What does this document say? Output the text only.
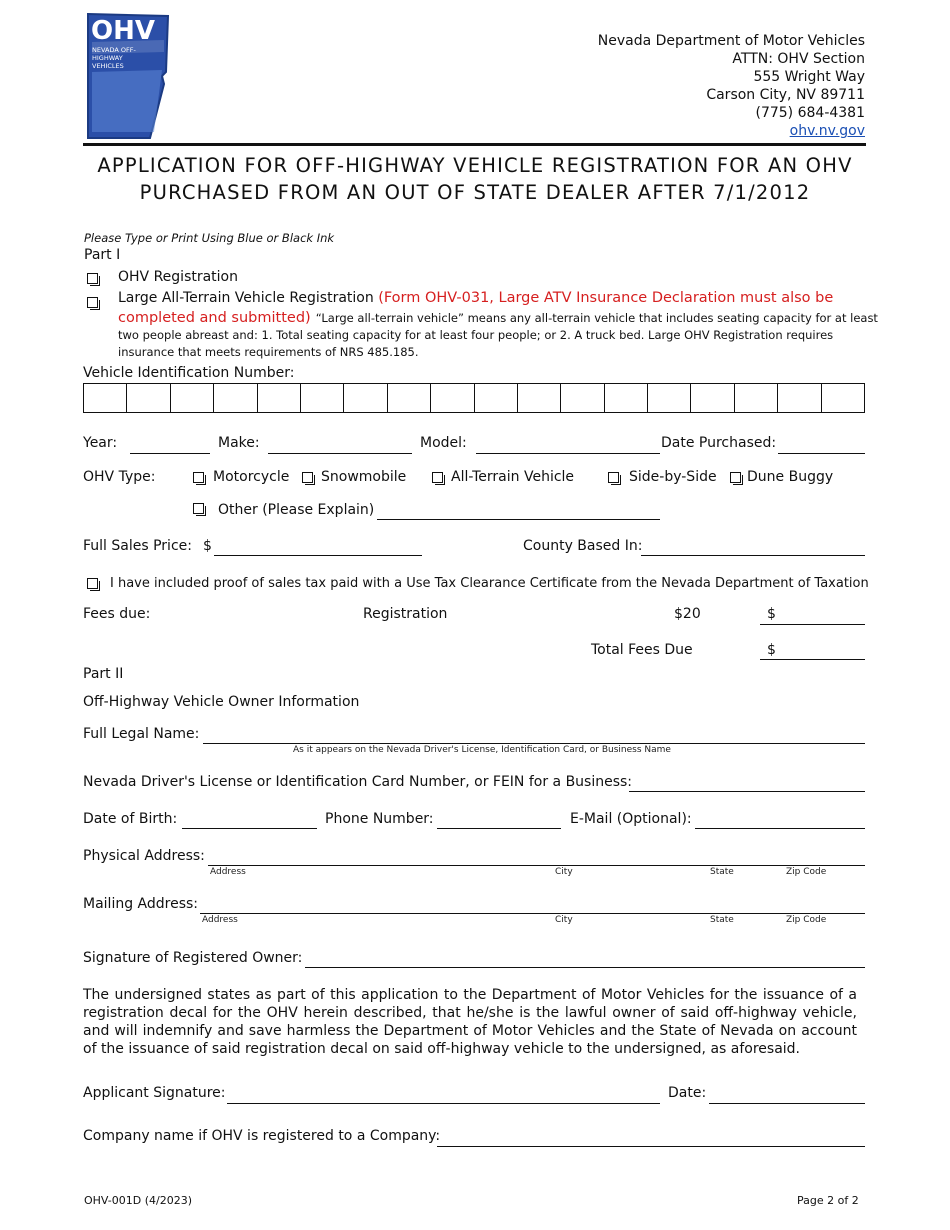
OHV
NEVADA OFF-HIGHWAY VEHICLES
Nevada Department of Motor Vehicles
ATTN: OHV Section
555 Wright Way
Carson City, NV 89711
(775) 684-4381
ohv.nv.gov
APPLICATION FOR OFF-HIGHWAY VEHICLE REGISTRATION FOR AN OHV
PURCHASED FROM AN OUT OF STATE DEALER AFTER 7/1/2012
Please Type or Print Using Blue or Black Ink
Part I
OHV Registration
Large All-Terrain Vehicle Registration (Form OHV-031, Large ATV Insurance Declaration must also be
completed and submitted) “Large all-terrain vehicle” means any all-terrain vehicle that includes seating capacity for at least
two people abreast and: 1. Total seating capacity for at least four people; or 2. A truck bed. Large OHV Registration requires
insurance that meets requirements of NRS 485.185.
Vehicle Identification Number:
Year:	Make:	Model:	Date Purchased:
OHV Type:	Motorcycle Snowmobile	All-Terrain Vehicle	Side-by-Side Dune Buggy
Other (Please Explain)
Full Sales Price: $	County Based In:
I have included proof of sales tax paid with a Use Tax Clearance Certificate from the Nevada Department of Taxation
Fees due:	Registration	$20	$
Total Fees Due	$
Part II
Off-Highway Vehicle Owner Information
Full Legal Name:
As it appears on the Nevada Driver's License, Identification Card, or Business Name
Nevada Driver's License or Identification Card Number, or FEIN for a Business:
Date of Birth:	Phone Number:	E-Mail (Optional):
Physical Address:
Address	City	State	Zip Code
Mailing Address:
Address	City	State	Zip Code
Signature of Registered Owner:
The undersigned states as part of this application to the Department of Motor Vehicles for the issuance of a registration decal for the OHV herein described, that he/she is the lawful owner of said off-highway vehicle, and will indemnify and save harmless the Department of Motor Vehicles and the State of Nevada on account of the issuance of said registration decal on said off-highway vehicle to the undersigned, as aforesaid.
Applicant Signature:	Date:
Company name if OHV is registered to a Company:
OHV-001D (4/2023)	Page 2 of 2
